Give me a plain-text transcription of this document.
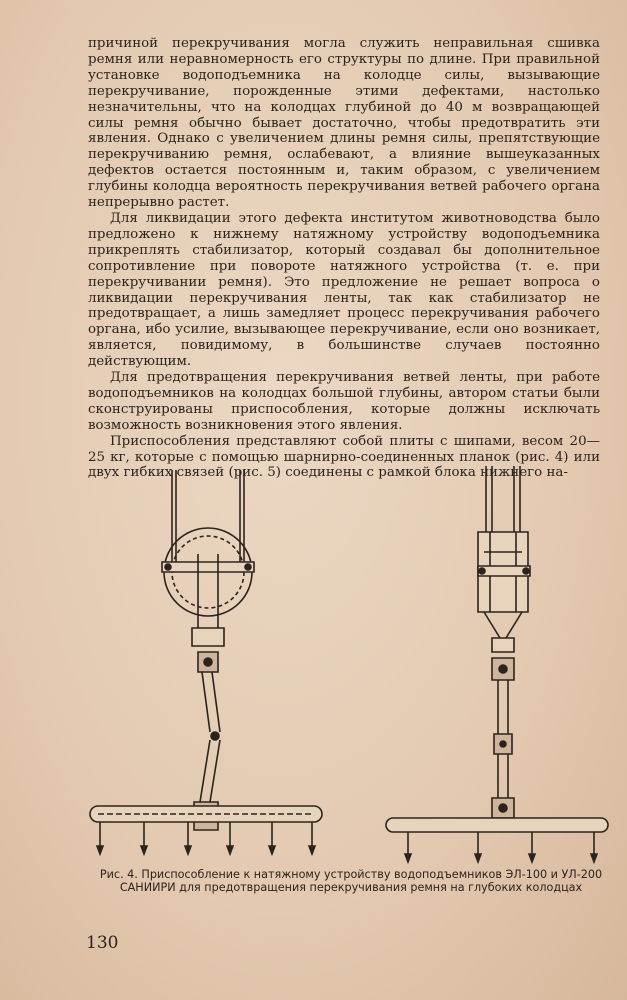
причиной перекручивания могла служить неправильная сшивка ремня или неравномерность его структуры по длине. При правильной установке водоподъемника на колодце силы, вызывающие перекручивание, порожденные этими дефектами, настолько незначительны, что на колодцах глубиной до 40 м возвращающей силы ремня обычно бывает достаточно, чтобы предотвратить эти явления. Однако с увеличением длины ремня силы, препятствующие перекручиванию ремня, ослабевают, а влияние вышеуказанных дефектов остается постоянным и, таким образом, с увеличением глубины колодца вероятность перекручивания ветвей рабочего органа непрерывно растет.

Для ликвидации этого дефекта институтом животноводства было предложено к нижнему натяжному устройству водоподъемника прикреплять стабилизатор, который создавал бы дополнительное сопротивление при повороте натяжного устройства (т. е. при перекручивании ремня). Это предложение не решает вопроса о ликвидации перекручивания ленты, так как стабилизатор не предотвращает, а лишь замедляет процесс перекручивания рабочего органа, ибо усилие, вызывающее перекручивание, если оно возникает, является, повидимому, в большинстве случаев постоянно действующим.

Для предотвращения перекручивания ветвей ленты, при работе водоподъемников на колодцах большой глубины, автором статьи были сконструированы приспособления, которые должны исключать возможность возникновения этого явления.

Приспособления представляют собой плиты с шипами, весом 20—25 кг, которые с помощью шарнирно-соединенных планок (рис. 4) или двух гибких связей (рис. 5) соединены с рамкой блока нижнего на-

Рис. 4. Приспособление к натяжному устройству водоподъемников ЭЛ-100 и УЛ-200
САНИИРИ для предотвращения перекручивания ремня на глубоких колодцах
130
